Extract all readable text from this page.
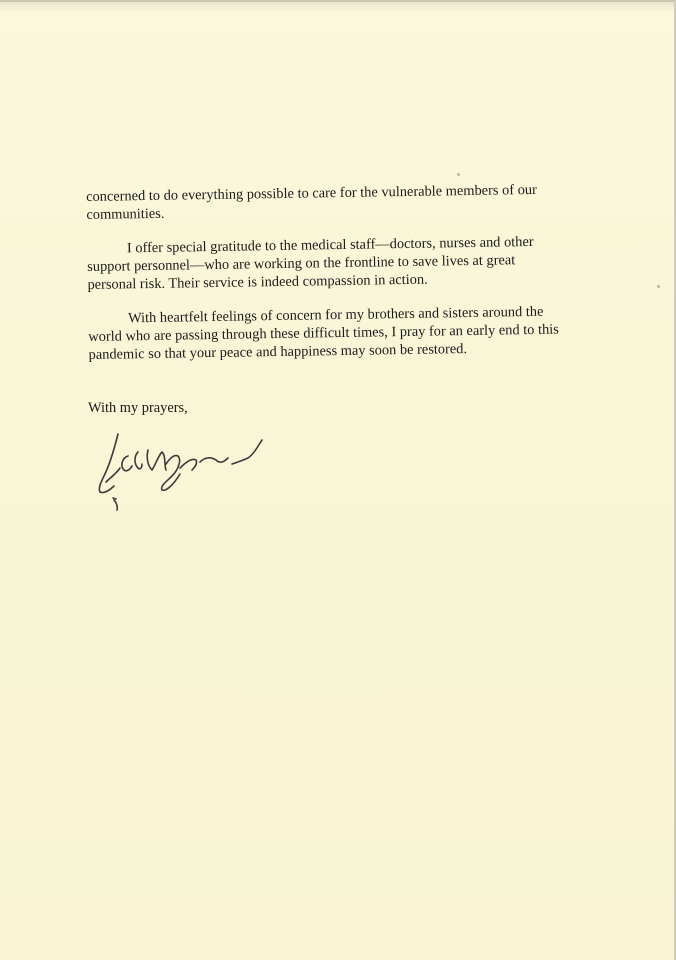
concerned to do everything possible to care for the vulnerable members of our
communities.
I offer special gratitude to the medical staff—doctors, nurses and other
support personnel—who are working on the frontline to save lives at great
personal risk. Their service is indeed compassion in action.
With heartfelt feelings of concern for my brothers and sisters around the
world who are passing through these difficult times, I pray for an early end to this
pandemic so that your peace and happiness may soon be restored.
With my prayers,
